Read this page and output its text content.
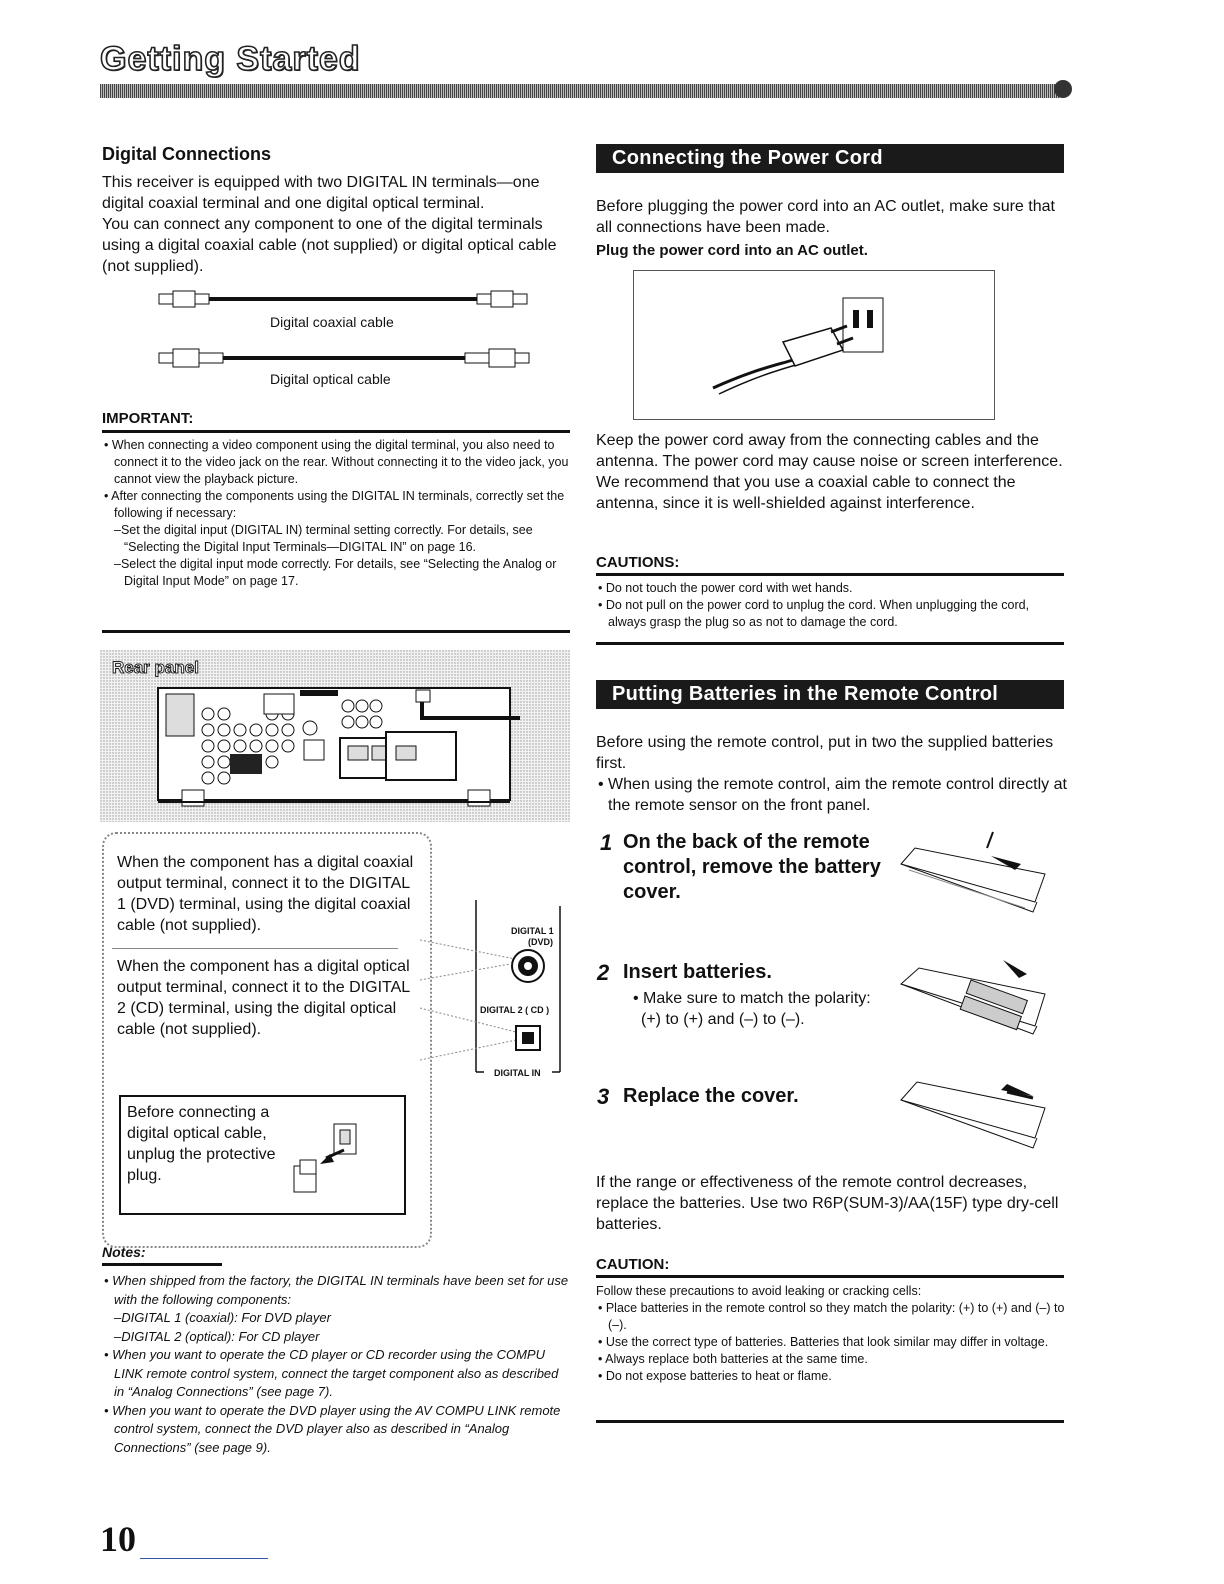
Getting Started
Digital Connections
This receiver is equipped with two DIGITAL IN terminals—one digital coaxial terminal and one digital optical terminal.
You can connect any component to one of the digital terminals using a digital coaxial cable (not supplied) or digital optical cable (not supplied).
Digital coaxial cable
Digital optical cable
IMPORTANT:
• When connecting a video component using the digital terminal, you also need to connect it to the video jack on the rear. Without connecting it to the video jack, you cannot view the playback picture.
• After connecting the components using the DIGITAL IN terminals, correctly set the following if necessary:
–Set the digital input (DIGITAL IN) terminal setting correctly. For details, see “Selecting the Digital Input Terminals—DIGITAL IN” on page 16.
–Select the digital input mode correctly. For details, see “Selecting the Analog or Digital Input Mode” on page 17.
Rear panel
When the component has a digital coaxial output terminal, connect it to the DIGITAL 1 (DVD) terminal, using the digital coaxial cable (not supplied).
When the component has a digital optical output terminal, connect it to the DIGITAL 2 (CD) terminal, using the digital optical cable (not supplied).
Before connecting a digital optical cable, unplug the protective plug.
DIGITAL 1
(DVD)
DIGITAL 2 ( CD )
DIGITAL IN
Notes:
• When shipped from the factory, the DIGITAL IN terminals have been set for use with the following components:
–DIGITAL 1 (coaxial): For DVD player
–DIGITAL 2 (optical): For CD player
• When you want to operate the CD player or CD recorder using the COMPU LINK remote control system, connect the target component also as described in “Analog Connections” (see page 7).
• When you want to operate the DVD player using the AV COMPU LINK remote control system, connect the DVD player also as described in “Analog Connections” (see page 9).
Connecting the Power Cord
Before plugging the power cord into an AC outlet, make sure that all connections have been made.
Plug the power cord into an AC outlet.
Keep the power cord away from the connecting cables and the antenna. The power cord may cause noise or screen interference. We recommend that you use a coaxial cable to connect the antenna, since it is well-shielded against interference.
CAUTIONS:
• Do not touch the power cord with wet hands.
• Do not pull on the power cord to unplug the cord. When unplugging the cord, always grasp the plug so as not to damage the cord.
Putting Batteries in the Remote Control
Before using the remote control, put in two the supplied batteries first.
• When using the remote control, aim the remote control directly at the remote sensor on the front panel.
1 On the back of the remote control, remove the battery cover.
2 Insert batteries.
• Make sure to match the polarity: (+) to (+) and (–) to (–).
3 Replace the cover.
If the range or effectiveness of the remote control decreases, replace the batteries. Use two R6P(SUM-3)/AA(15F) type dry-cell batteries.
CAUTION:
Follow these precautions to avoid leaking or cracking cells:
• Place batteries in the remote control so they match the polarity: (+) to (+) and (–) to (–).
• Use the correct type of batteries. Batteries that look similar may differ in voltage.
• Always replace both batteries at the same time.
• Do not expose batteries to heat or flame.
10
